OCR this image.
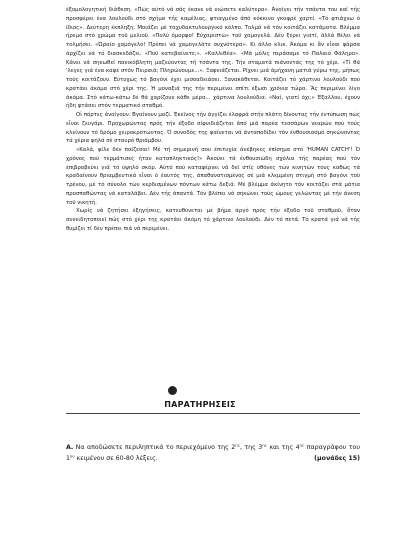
έξομολογητική διάθεση. «Πώς αύτό νά σάς έκανε νά νιώσετε καλύτερα». Άνοίγει τήν τσάντα του καί τής προσφέρει ένα λουλούδι στό σχήμα τής καμέλιας, φτιαγμένο άπό κόκκινο γκοφρέ χαρτί. «Τό φτιάχνω ό ίδιος». Δεύτερη έκπληξη. Μοιάζει μέ ταχυδακτυλουργικό κόλπο. Τολμά νά τόν κοιτάζει κατάματα. Βλέμμα ήρεμο στό χρώμα τοϋ μελιοϋ. «Πολύ όμορφο! Εύχαριστώ» τοϋ χαμογελά. Δέν ξέρει γιατί, άλλά θέλει νά τολμήσει. «Ώραίο χαμόγελο! Πρέπει νά χαμογελάτε συχνότερα». Κι άλλο κλικ. Άκόμα κι ἂν εἶναι φάρσα άρχίζει νά τό διασκεδάζει. «Ποϋ κατεβαίνετε;». «Καλλιθέα». «Μά μόλις περάσαμε τό Παλαιό Φάληρο». Κάνει νά σηκωθεί πανικόβλητη μαζεύοντας τή τσάντα της. Τήν σταματά πιάνοντάς της τό χέρι. «Τί θά 'λεγες γιά ένα καφέ στόν Πειραιά; Πληρώνουμε...». Ξαφνιάζεται. Ρίχνει μιά άμήχανη ματιά γύρω της, μήπως τούς κοιτάζουν. Εύτυχώς τό βαγόνι έχει μισοαδειάσει. Ξανακάθεται. Κοιτάζει τό χάρτινο λουλούδι πού κρατάει άκόμα στό χέρι της. Ή μοναξιά της τήν περιμένει σπίτι έξωσι χρόνια τώρα. Ἂς περιμένει λίγο άκόμα. Στό κάτω-κάτω δέ θά χαρίζουν κάθε μέρα... χάρτινα λουλούδια. «Ναί, γιατί όχι;» Έξαλλου, έχουν ήδη φτάσει στόν τερματικό σταθμό.

Οἱ πόρτες άνοίγουν. Βγαίνουν μαζί. Έκεῖνος τήν άγγίζει έλαφρά στήν πλάτη δίνοντας τήν έντύπωση πώς εἶναι ζευγάρι. Προχωρώντας πρός τήν έξοδο σίφνιδιάζεται άπό μιά παρέα τεσσάρων νεαρών πού τούς κλείνουν τό δρόμο χειροκροτώντας. Ό συνοδός της φαίνεται νά άνταποδίδει τόν ένθουσιασμό σηκώνοντας τά χέρια ψηλά σέ σταυρό θριάμβου.

«Καλά, φίλε δέν παίζεσαι! Μέ τή σημερινή σου έπιτυχία άνέβηκες έπίσημα στό 'HUMAN CATCH'! Ό χρόνος πού τερμάτισες ήταν καταπληκτικός!» Άκούει τά ένθουσιώδη σχόλια τής παρέας πού τόν έπιβραβεύει γιά τό ύψηλό σκόρ. Αύτό πού καταφέρνει νά δεῖ στίς οθόνες τών κινητών τους καθώς τά κραδαίνουν θριαμβευτικά εἶναι ό έαυτός της, άπαθανατισμένος σέ μιά κλεμμένη στιγμή στό βαγόνι τοϋ τρένου, μέ τό σύνολο τών κερδισμένων πόντων κάτω δεξιά. Μέ βλέμμα άκίνητο τόν κοιτάζει στά μάτια προσπαθώντας νά καταλάβει. Δέν τής άπαντά. Τόν βλέπει νά σηκώνει τούς ώμους γελώντας μέ τήν άνεση τοϋ νικητή.

Χωρίς νά ζητήσει έξηγήσεις, κατευθύνεται μέ βήμα άργό πρός τήν έξοδο τοϋ σταθμοϋ, ὅταν συνειδητοποιεῖ πώς στό χέρι της κρατάει άκόμη τό χάρτινο λουλούδι. Δέν τό πετά. Τό κρατά γιά νά τής θυμίζει τί δέν πρέπει πιά νά περιμένει.

ΠΑΡΑΤΗΡΗΣΕΙΣ
Α. Να αποδώσετε περιληπτικά το περιεχόμενο της $2^{\eta\varsigma}$, της $3^{\eta\varsigma}$ και της $4^{\eta\varsigma}$ παραγράφου του $1^{o\upsilon}$ κειμένου σε 60-80 λέξεις.	(μονάδες 15)
